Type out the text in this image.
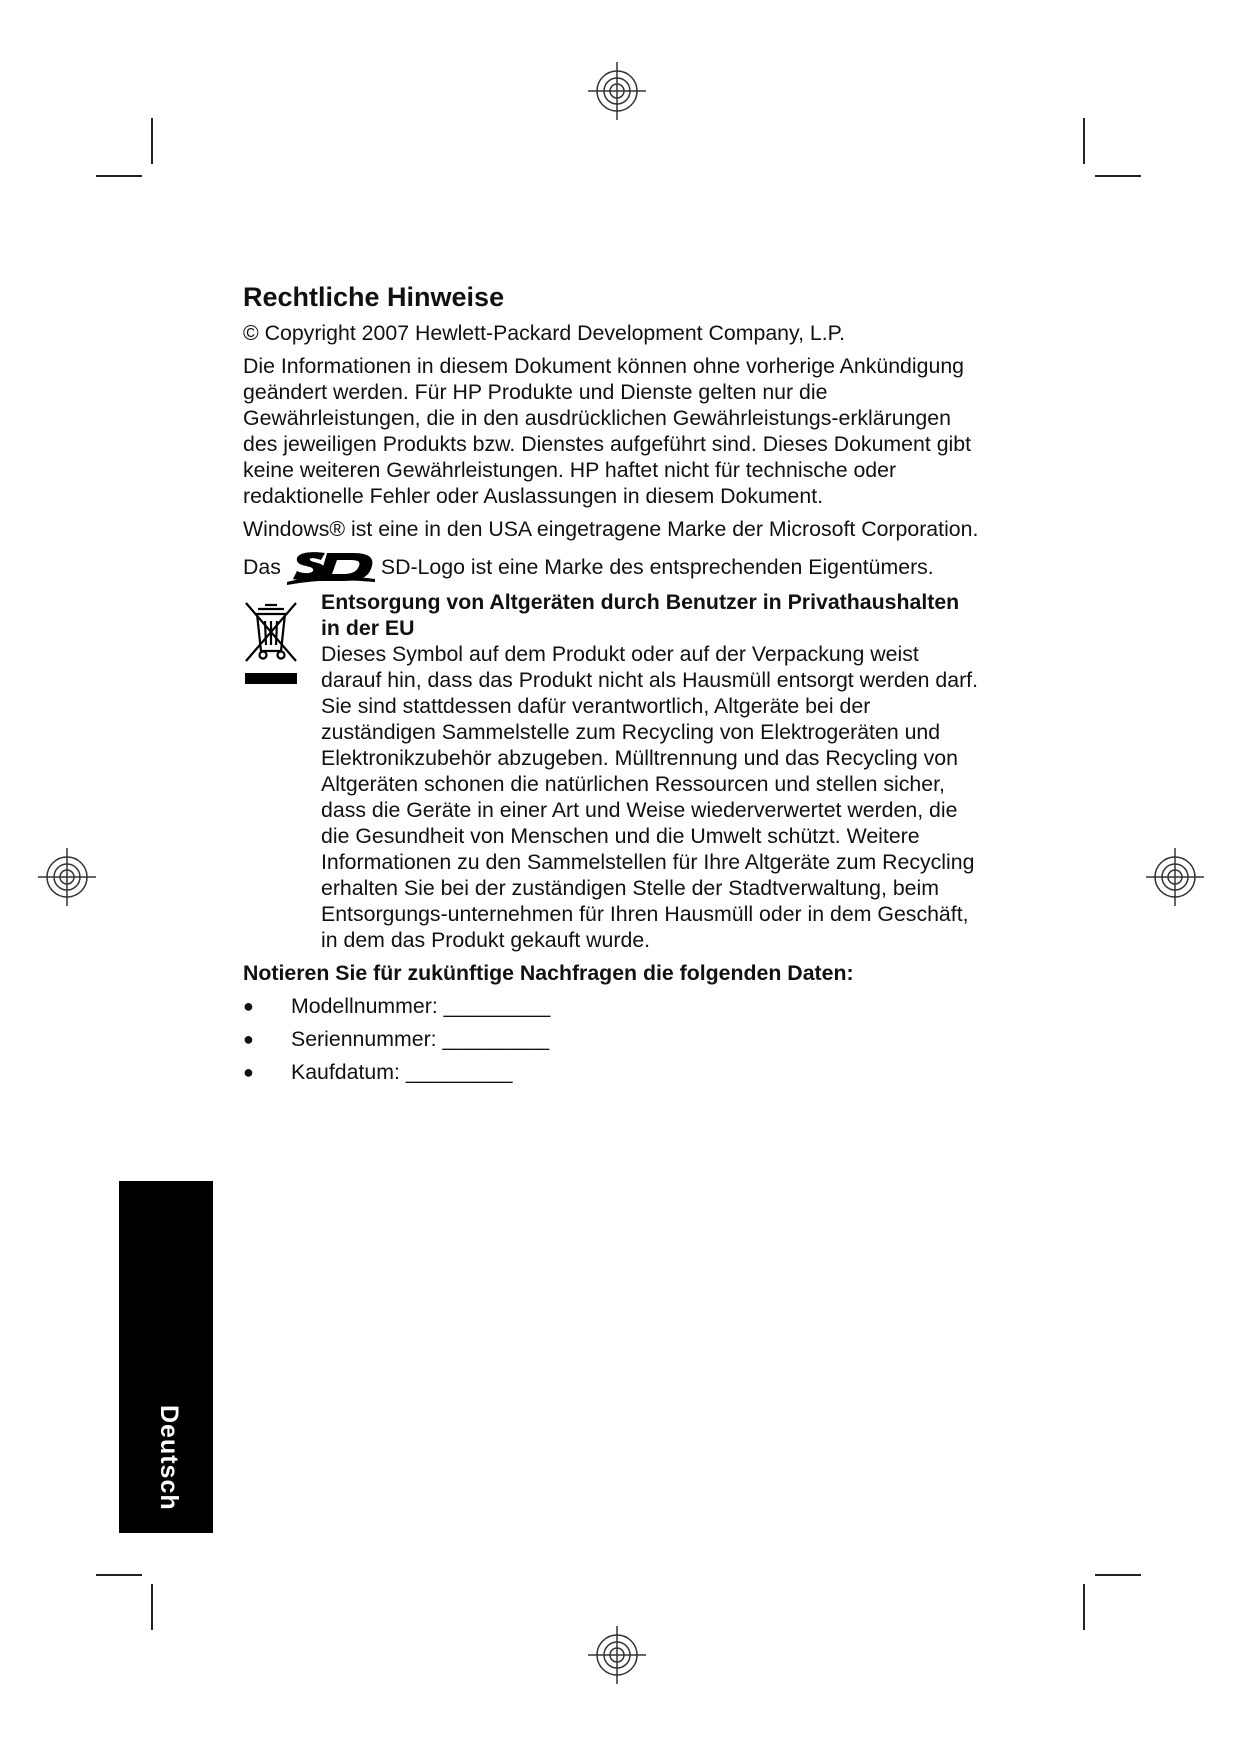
Rechtliche Hinweise

© Copyright 2007 Hewlett-Packard Development Company, L.P.

Die Informationen in diesem Dokument können ohne vorherige Ankündigung geändert werden. Für HP Produkte und Dienste gelten nur die Gewährleistungen, die in den ausdrücklichen Gewährleistungs-erklärungen des jeweiligen Produkts bzw. Dienstes aufgeführt sind. Dieses Dokument gibt keine weiteren Gewährleistungen. HP haftet nicht für technische oder redaktionelle Fehler oder Auslassungen in diesem Dokument.

Windows® ist eine in den USA eingetragene Marke der Microsoft Corporation.

Das	SD-Logo ist eine Marke des entsprechenden Eigentümers.
Entsorgung von Altgeräten durch Benutzer in Privathaushalten in der EU
Dieses Symbol auf dem Produkt oder auf der Verpackung weist darauf hin, dass das Produkt nicht als Hausmüll entsorgt werden darf. Sie sind stattdessen dafür verantwortlich, Altgeräte bei der zuständigen Sammelstelle zum Recycling von Elektrogeräten und Elektronikzubehör abzugeben. Mülltrennung und das Recycling von Altgeräten schonen die natürlichen Ressourcen und stellen sicher, dass die Geräte in einer Art und Weise wiederverwertet werden, die die Gesundheit von Menschen und die Umwelt schützt. Weitere Informationen zu den Sammelstellen für Ihre Altgeräte zum Recycling erhalten Sie bei der zuständigen Stelle der Stadtverwaltung, beim Entsorgungs-unternehmen für Ihren Hausmüll oder in dem Geschäft, in dem das Produkt gekauft wurde.

Notieren Sie für zukünftige Nachfragen die folgenden Daten:

● Modellnummer: _________
● Seriennummer: _________
● Kaufdatum: _________
Deutsch
